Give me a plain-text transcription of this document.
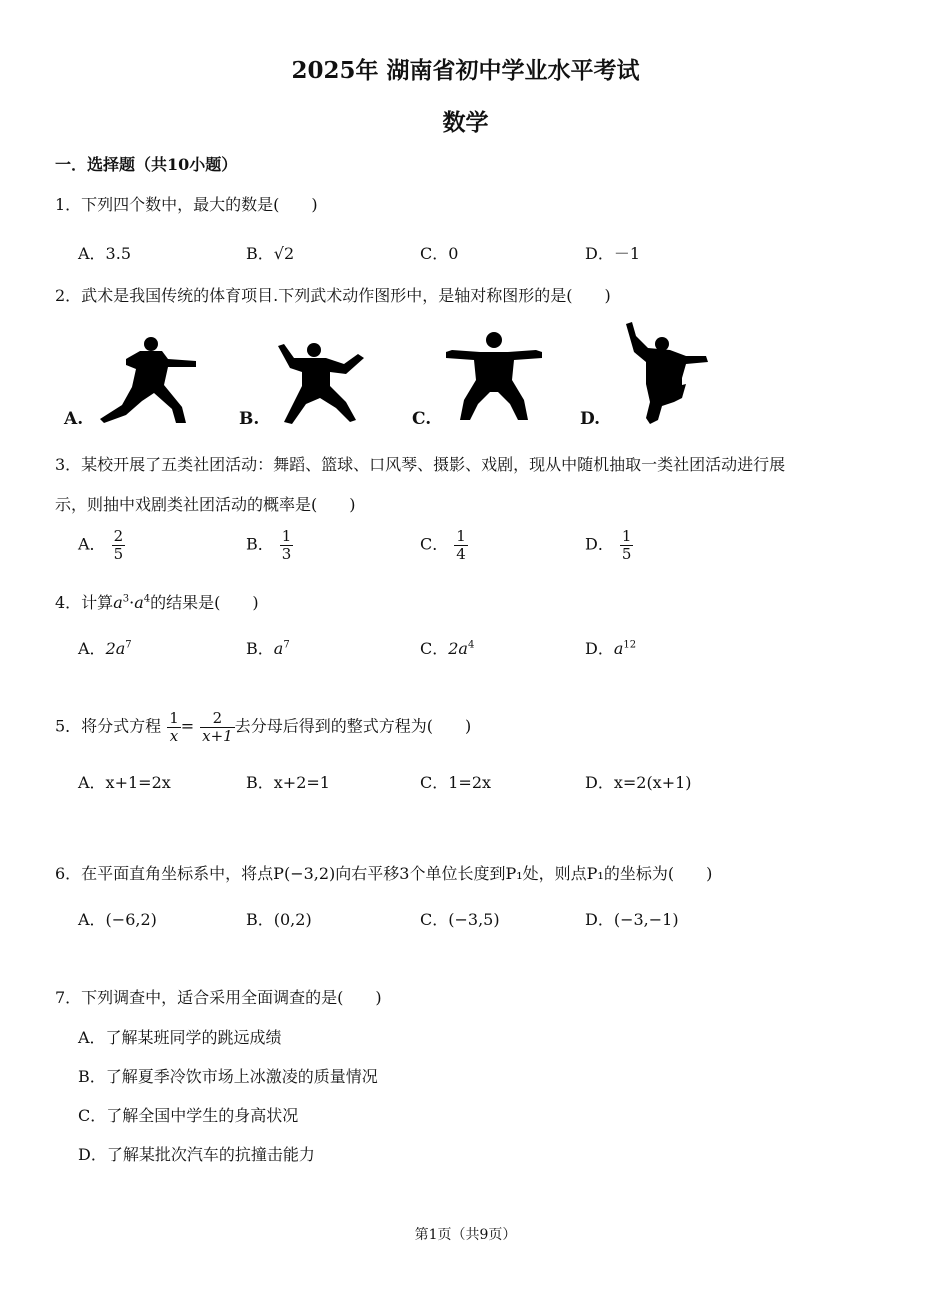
2025年 湖南省初中学业水平考试
数学
一．选择题（共10小题）
1．下列四个数中，最大的数是(　　)
A．3.5	B．√2	C．0	D．－1
2．武术是我国传统的体育项目.下列武术动作图形中，是轴对称图形的是(　　)
A.	B.	C.	D.
3．某校开展了五类社团活动：舞蹈、篮球、口风琴、摄影、戏剧，现从中随机抽取一类社团活动进行展
示，则抽中戏剧类社团活动的概率是(　　)
A． $\frac{2}{5}$	B． $\frac{1}{3}$	C． $\frac{1}{4}$	D． $\frac{1}{5}$
4．计算$a^3\cdot a^4$的结果是(　　)
A．$2a^7$	B．$a^7$	C．$2a^4$	D．$a^{12}$
5．将分式方程 $\frac{1}{x} = \frac{2}{x+1}$ 去分母后得到的整式方程为(　　)
A．x+1=2x	B．x+2=1	C．1=2x	D．x=2(x+1)
6．在平面直角坐标系中，将点P(−3,2)向右平移3个单位长度到P₁处，则点P₁的坐标为(　　)
A．(−6,2)	B．(0,2)	C．(−3,5)	D．(−3,−1)
7．下列调查中，适合采用全面调查的是(　　)
A．了解某班同学的跳远成绩
B．了解夏季冷饮市场上冰激凌的质量情况
C．了解全国中学生的身高状况
D．了解某批次汽车的抗撞击能力
第1页（共9页）
